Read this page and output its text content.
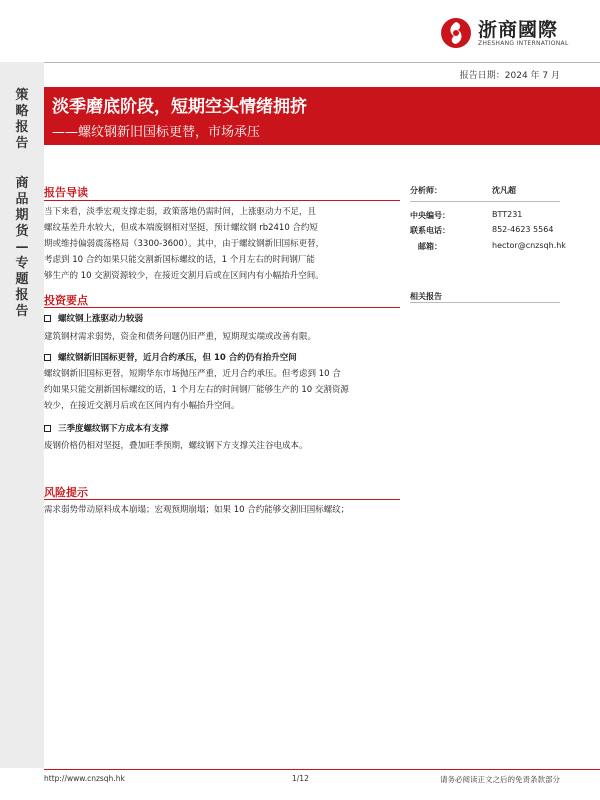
浙商國際
ZHESHANG INTERNATIONAL
报告日期：2024 年 7 月
策
略
报
告
商
品
期
货
—
专
题
报
告
淡季磨底阶段，短期空头情绪拥挤
——螺纹钢新旧国标更替，市场承压
报告导读
当下来看，淡季宏观支撑走弱，政策落地仍需时间，上涨驱动力不足，且
螺纹基差升水较大，但成本端废钢相对坚挺，预计螺纹钢 rb2410 合约短
期或维持偏弱震荡格局（3300-3600）。其中，由于螺纹钢新旧国标更替，
考虑到 10 合约如果只能交割新国标螺纹的话，1 个月左右的时间钢厂能
够生产的 10 交割资源较少，在接近交割月后或在区间内有小幅抬升空间。
投资要点
螺纹钢上涨驱动力较弱
建筑钢材需求弱势，资金和债务问题仍旧严重，短期现实端或改善有限。
螺纹钢新旧国标更替，近月合约承压，但 10 合约仍有抬升空间
螺纹钢新旧国标更替，短期华东市场抛压严重，近月合约承压。但考虑到 10 合
约如果只能交割新国标螺纹的话，1 个月左右的时间钢厂能够生产的 10 交割资源
较少，在接近交割月后或在区间内有小幅抬升空间。
三季度螺纹钢下方成本有支撑
废钢价格仍相对坚挺，叠加旺季预期，螺纹钢下方支撑关注谷电成本。
风险提示
需求弱势带动原料成本崩塌；宏观预期崩塌；如果 10 合约能够交割旧国标螺纹；
分析师：	沈凡超
中央编号：	BTT231
联系电话：	852-4623 5564
邮箱：	hector@cnzsqh.hk
相关报告
http://www.cnzsqh.hk	1/12	请务必阅读正文之后的免责条款部分
